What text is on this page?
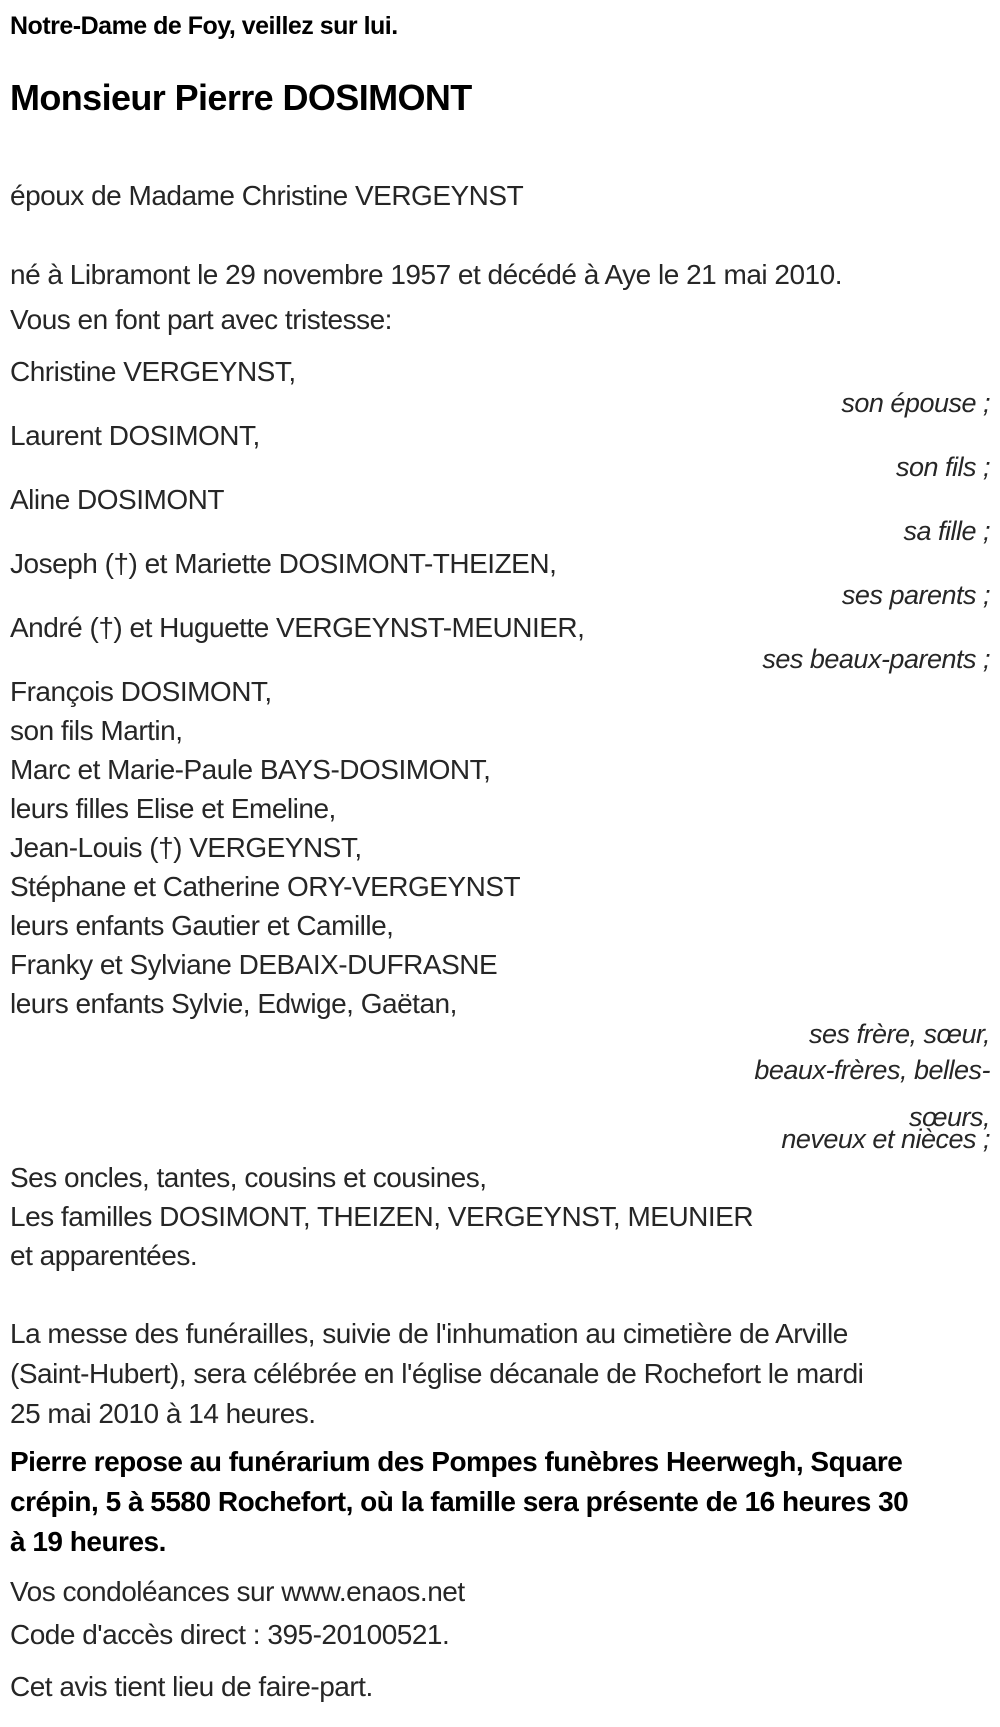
Notre-Dame de Foy, veillez sur lui.
Monsieur Pierre DOSIMONT
époux de Madame Christine VERGEYNST
né à Libramont le 29 novembre 1957 et décédé à Aye le 21 mai 2010.
Vous en font part avec tristesse:
Christine VERGEYNST,
son épouse ;
Laurent DOSIMONT,
son fils ;
Aline DOSIMONT
sa fille ;
Joseph (†) et Mariette DOSIMONT-THEIZEN,
ses parents ;
André (†) et Huguette VERGEYNST-MEUNIER,
ses beaux-parents ;
François DOSIMONT,
son fils Martin,
Marc et Marie-Paule BAYS-DOSIMONT,
leurs filles Elise et Emeline,
Jean-Louis (†) VERGEYNST,
Stéphane et Catherine ORY-VERGEYNST
leurs enfants Gautier et Camille,
Franky et Sylviane DEBAIX-DUFRASNE
leurs enfants Sylvie, Edwige, Gaëtan,
ses frère, sœur,
beaux-frères, belles-
sœurs,
neveux et nièces ;
Ses oncles, tantes, cousins et cousines,
Les familles DOSIMONT, THEIZEN, VERGEYNST, MEUNIER
et apparentées.
La messe des funérailles, suivie de l'inhumation au cimetière de Arville
(Saint-Hubert), sera célébrée en l'église décanale de Rochefort le mardi
25 mai 2010 à 14 heures.
Pierre repose au funérarium des Pompes funèbres Heerwegh, Square
crépin, 5 à 5580 Rochefort, où la famille sera présente de 16 heures 30
à 19 heures.
Vos condoléances sur www.enaos.net
Code d'accès direct : 395-20100521.
Cet avis tient lieu de faire-part.
